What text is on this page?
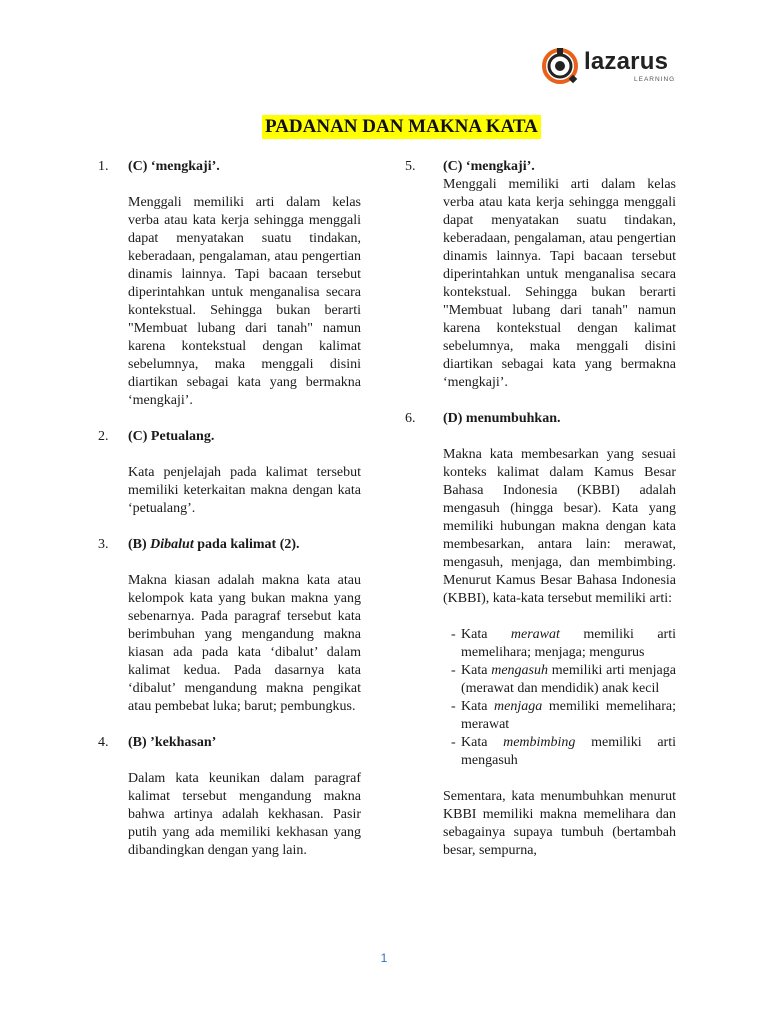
lazarus
LEARNING
PADANAN DAN MAKNA KATA
1. (C) ‘mengkaji’.

Menggali memiliki arti dalam kelas verba atau kata kerja sehingga menggali dapat menyatakan suatu tindakan, keberadaan, pengalaman, atau pengertian dinamis lainnya. Tapi bacaan tersebut diperintahkan untuk menganalisa secara kontekstual. Sehingga bukan berarti "Membuat lubang dari tanah" namun karena kontekstual dengan kalimat sebelumnya, maka menggali disini diartikan sebagai kata yang bermakna ‘mengkaji’.

2. (C) Petualang.

Kata penjelajah pada kalimat tersebut memiliki keterkaitan makna dengan kata ‘petualang’.

3. (B) Dibalut pada kalimat (2).

Makna kiasan adalah makna kata atau kelompok kata yang bukan makna yang sebenarnya. Pada paragraf tersebut kata berimbuhan yang mengandung makna kiasan ada pada kata ‘dibalut’ dalam kalimat kedua. Pada dasarnya kata ‘dibalut’ mengandung makna pengikat atau pembebat luka; barut; pembungkus.

4. (B) ’kekhasan’

Dalam kata keunikan dalam paragraf kalimat tersebut mengandung makna bahwa artinya adalah kekhasan. Pasir putih yang ada memiliki kekhasan yang dibandingkan dengan yang lain.

5. (C) ‘mengkaji’.

Menggali memiliki arti dalam kelas verba atau kata kerja sehingga menggali dapat menyatakan suatu tindakan, keberadaan, pengalaman, atau pengertian dinamis lainnya. Tapi bacaan tersebut diperintahkan untuk menganalisa secara kontekstual. Sehingga bukan berarti "Membuat lubang dari tanah" namun karena kontekstual dengan kalimat sebelumnya, maka menggali disini diartikan sebagai kata yang bermakna ‘mengkaji’.

6. (D) menumbuhkan.

Makna kata membesarkan yang sesuai konteks kalimat dalam Kamus Besar Bahasa Indonesia (KBBI) adalah mengasuh (hingga besar). Kata yang memiliki hubungan makna dengan kata membesarkan, antara lain: merawat, mengasuh, menjaga, dan membimbing. Menurut Kamus Besar Bahasa Indonesia (KBBI), kata-kata tersebut memiliki arti:

- Kata merawat memiliki arti memelihara; menjaga; mengurus
- Kata mengasuh memiliki arti menjaga (merawat dan mendidik) anak kecil
- Kata menjaga memiliki memelihara; merawat
- Kata membimbing memiliki arti mengasuh

Sementara, kata menumbuhkan menurut KBBI memiliki makna memelihara dan sebagainya supaya tumbuh (bertambah besar, sempurna,

1
